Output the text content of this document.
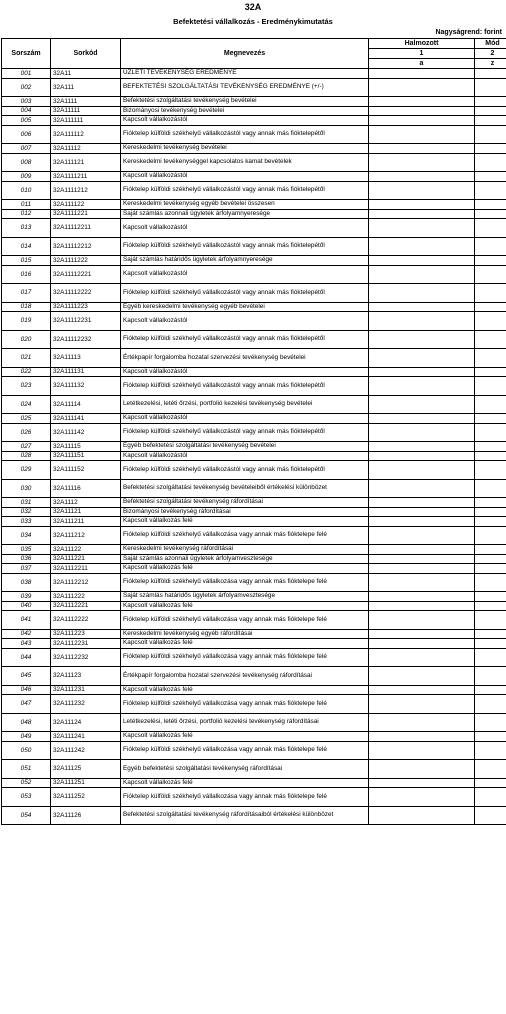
32A
Befektetési vállalkozás - Eredménykimutatás
Nagyságrend: forint
Sorszám	Sorkód	Megnevezés	Halmozott	Mód
			1	2
			a	z
001	32A11	ÜZLETI TEVÉKENYSÉG EREDMÉNYE		
002	32A111	BEFEKTETÉSI SZOLGÁLTATÁSI TEVÉKENYSÉG EREDMÉNYE (+/-)		
003	32A1111	Befektetési szolgáltatási tevékenység bevételei		
004	32A11111	Bizományosi tevékenység bevételei		
005	32A111111	Kapcsolt vállalkozástól		
006	32A111112	Fióktelep külföldi székhelyű vállalkozástól vagy annak más fióktelepétől		
007	32A11112	Kereskedelmi tevékenység bevételei		
008	32A111121	Kereskedelmi tevékenységgel kapcsolatos kamat bevételek		
009	32A1111211	Kapcsolt vállalkozástól		
010	32A1111212	Fióktelep külföldi székhelyű vállalkozástól vagy annak más fióktelepétől		
011	32A111122	Kereskedelmi tevékenység egyéb bevételei összesen		
012	32A1111221	Saját számlás azonnali ügyletek árfolyamnyeresége		
013	32A11112211	Kapcsolt vállalkozástól		
014	32A11112212	Fióktelep külföldi székhelyű vállalkozástól vagy annak más fióktelepétől		
015	32A1111222	Saját számlás határidős ügyletek árfolyamnyeresége		
016	32A11112221	Kapcsolt vállalkozástól		
017	32A11112222	Fióktelep külföldi székhelyű vállalkozástól vagy annak más fióktelepétől		
018	32A1111223	Egyéb kereskedelmi tevékenység egyéb bevételei		
019	32A11112231	Kapcsolt vállalkozástól		
020	32A11112232	Fióktelep külföldi székhelyű vállalkozástól vagy annak más fióktelepétől		
021	32A11113	Értékpapír forgalomba hozatal szervezési tevékenység bevételei		
022	32A111131	Kapcsolt vállalkozástól		
023	32A111132	Fióktelep külföldi székhelyű vállalkozástól vagy annak más fióktelepétől		
024	32A11114	Letétkezelési, letéti őrzési, portfolió kezelési tevékenység bevételei		
025	32A111141	Kapcsolt vállalkozástól		
026	32A111142	Fióktelep külföldi székhelyű vállalkozástól vagy annak más fióktelepétől		
027	32A11115	Egyéb befektetési szolgáltatási tevékenység bevételei		
028	32A111151	Kapcsolt vállalkozástól		
029	32A111152	Fióktelep külföldi székhelyű vállalkozástól vagy annak más fióktelepétől		
030	32A11116	Befektetési szolgáltatási tevékenység bevételeiből értékelési különbözet		
031	32A1112	Befektetési szolgáltatási tevékenység ráfordításai		
032	32A11121	Bizományosi tevékenység ráfordításai		
033	32A111211	Kapcsolt vállalkozás felé		
034	32A111212	Fióktelep külföldi székhelyű vállalkozása vagy annak más fióktelepe felé		
035	32A11122	Kereskedelmi tevékenység ráfordításai		
036	32A111221	Saját számlás azonnali ügyletek árfolyamvesztesége		
037	32A1112211	Kapcsolt vállalkozás felé		
038	32A1112212	Fióktelep külföldi székhelyű vállalkozása vagy annak más fióktelepe felé		
039	32A111222	Saját számlás határidős ügyletek árfolyamvesztesége		
040	32A1112221	Kapcsolt vállalkozás felé		
041	32A1112222	Fióktelep külföldi székhelyű vállalkozása vagy annak más fióktelepe felé		
042	32A111223	Kereskedelmi tevékenység egyéb ráfordításai		
043	32A1112231	Kapcsolt vállalkozás felé		
044	32A1112232	Fióktelep külföldi székhelyű vállalkozása vagy annak más fióktelepe felé		
045	32A11123	Értékpapír forgalomba hozatal szervezési tevékenység ráfordításai		
046	32A111231	Kapcsolt vállalkozás felé		
047	32A111232	Fióktelep külföldi székhelyű vállalkozása vagy annak más fióktelepe felé		
048	32A11124	Letétkezelési, letéti őrzési, portfolió kezelési tevékenység ráfordításai		
049	32A111241	Kapcsolt vállalkozás felé		
050	32A111242	Fióktelep külföldi székhelyű vállalkozása vagy annak más fióktelepe felé		
051	32A11125	Egyéb befektetési szolgáltatási tevékenység ráfordításai		
052	32A111251	Kapcsolt vállalkozás felé		
053	32A111252	Fióktelep külföldi székhelyű vállalkozása vagy annak más fióktelepe felé		
054	32A11126	Befektetési szolgáltatási tevékenység ráfordításaiból értékelési különbözet		
